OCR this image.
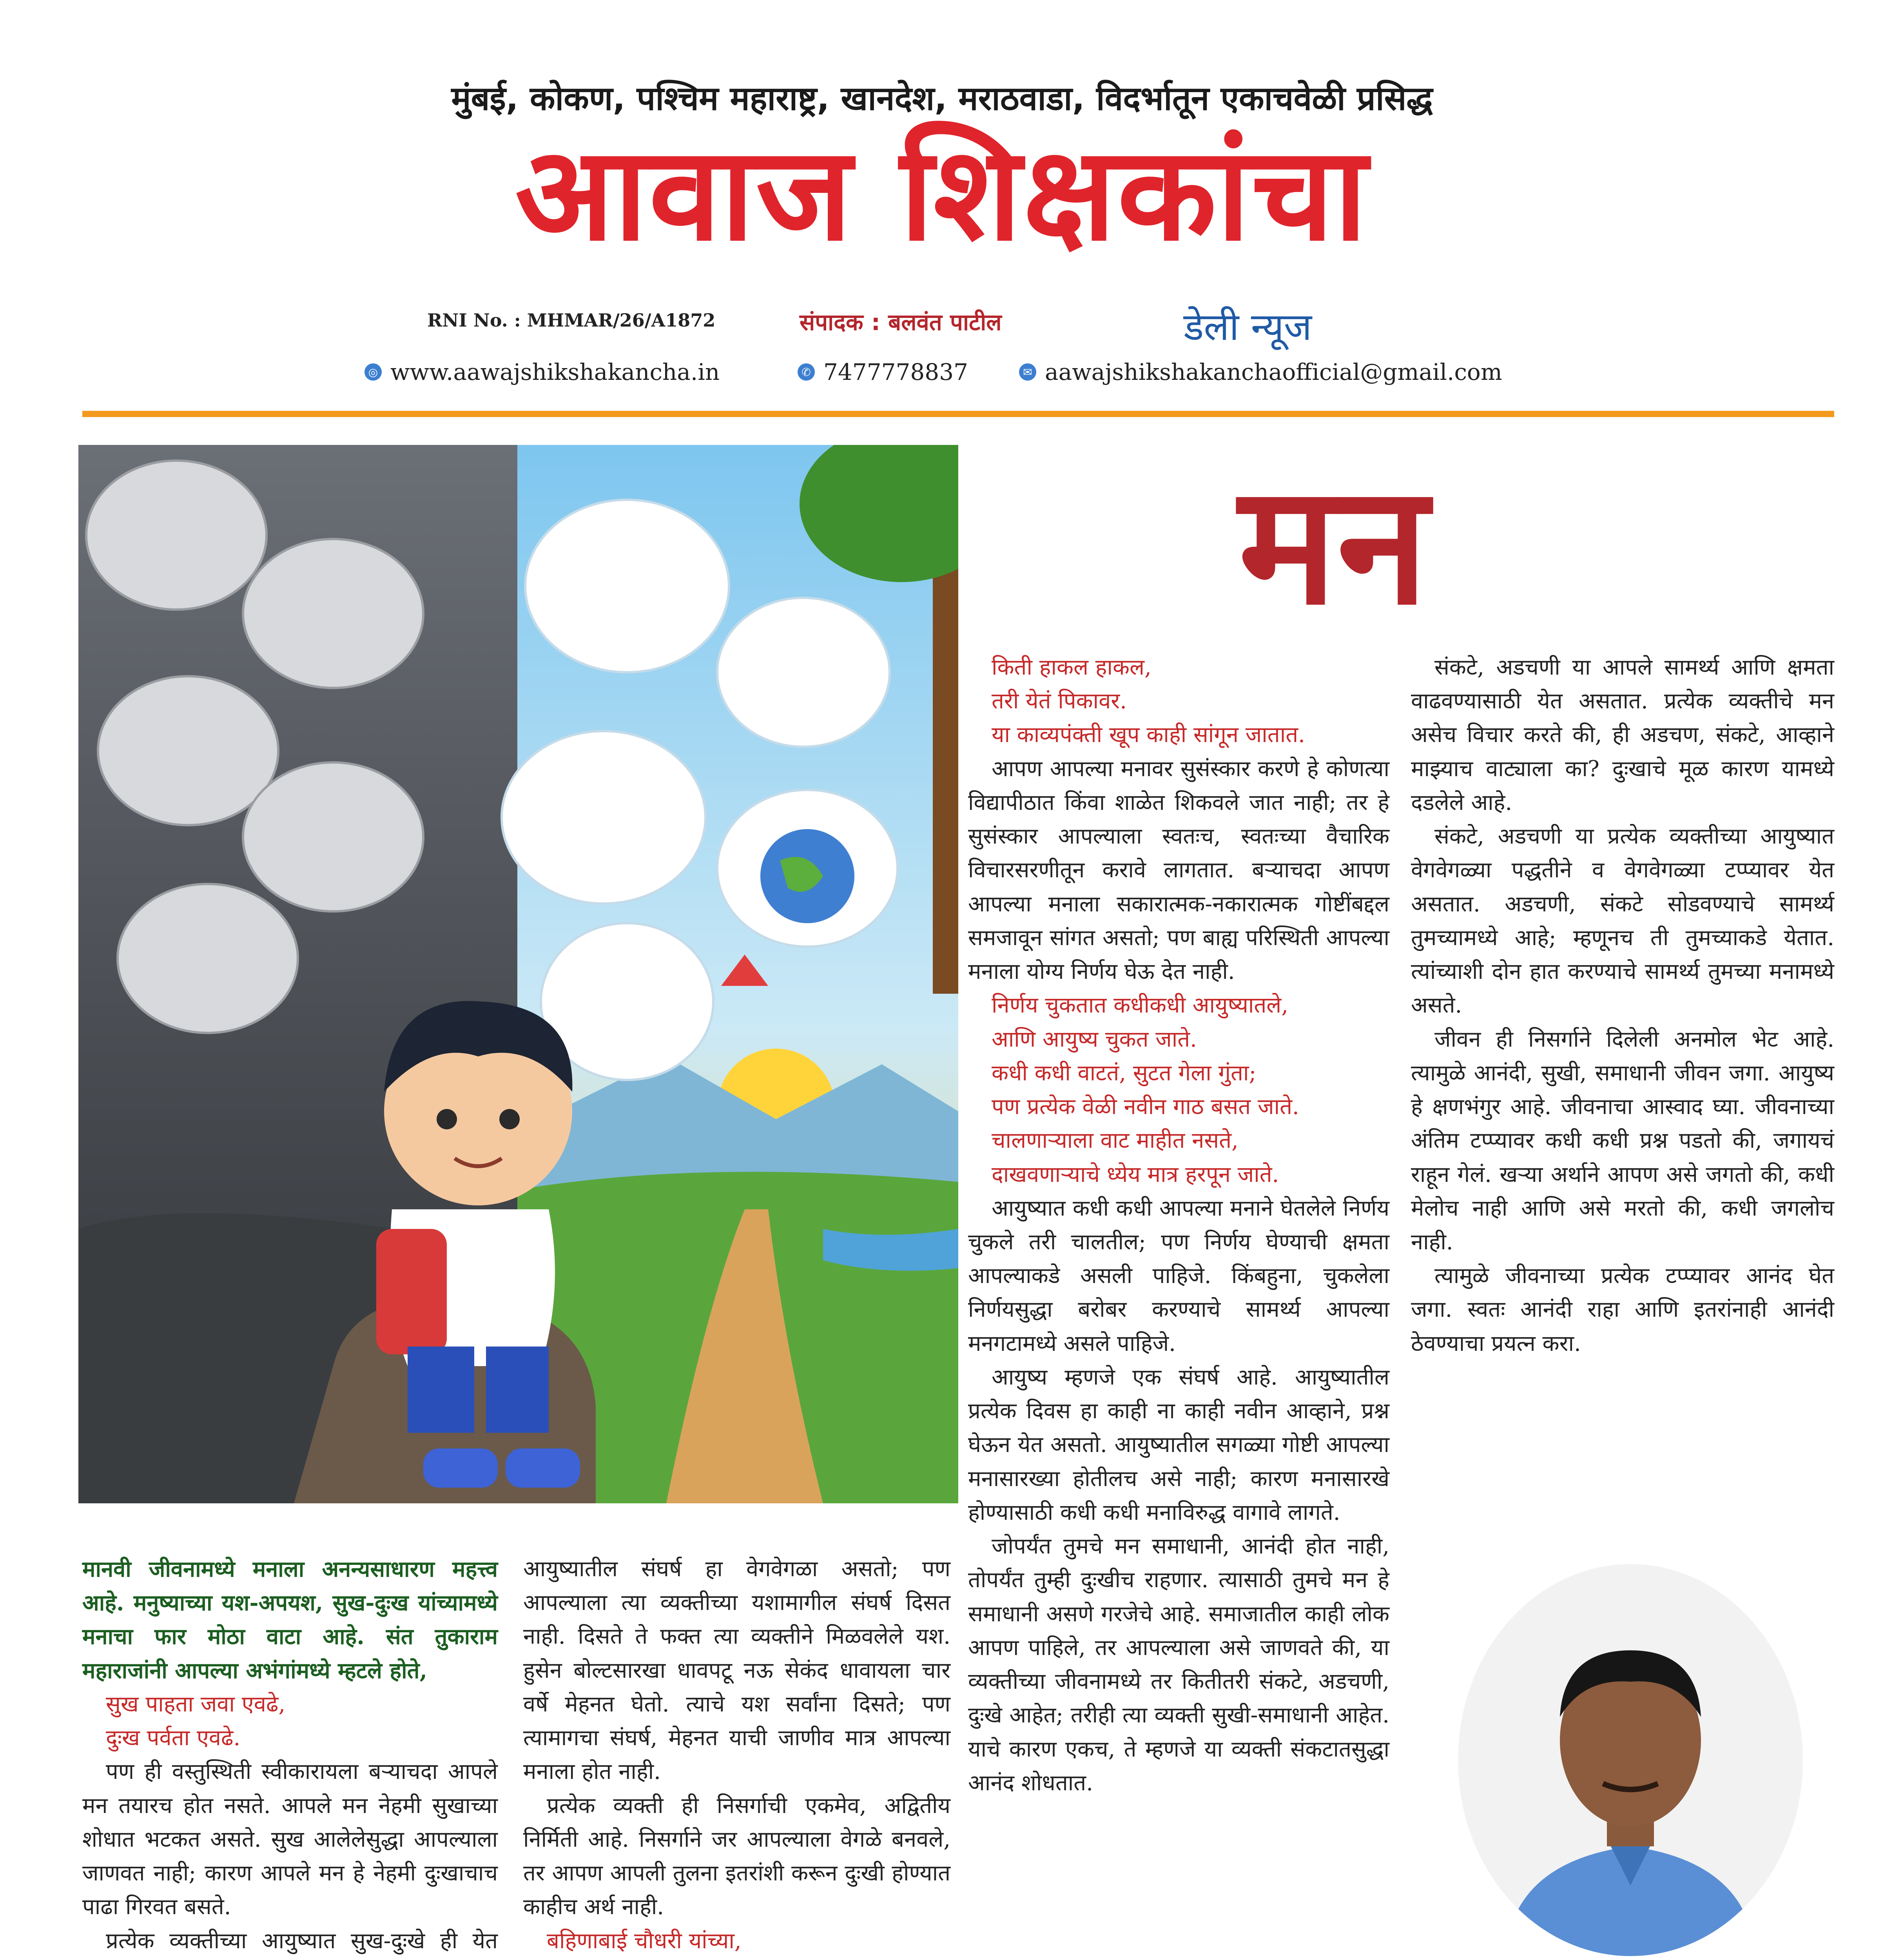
मुंबई, कोकण, पश्चिम महाराष्ट्र, खानदेश, मराठवाडा, विदर्भातून एकाचवेळी प्रसिद्ध
आवाज शिक्षकांचा
RNI No. : MHMAR/26/A1872	संपादक : बलवंत पाटील	डेली न्यूज
◎ www.aawajshikshakancha.in	✆ 7477778837	✉ aawajshikshakanchaofficial@gmail.com
मन

मानवी जीवनामध्ये मनाला अनन्यसाधारण महत्त्व आहे. मनुष्याच्या यश-अपयश, सुख-दुःख यांच्यामध्ये मनाचा फार मोठा वाटा आहे. संत तुकाराम महाराजांनी आपल्या अभंगांमध्ये म्हटले होते,

सुख पाहता जवा एवढे,

दुःख पर्वता एवढे.

पण ही वस्तुस्थिती स्वीकारायला बऱ्याचदा आपले मन तयारच होत नसते. आपले मन नेहमी सुखाच्या शोधात भटकत असते. सुख आलेलेसुद्धा आपल्याला जाणवत नाही; कारण आपले मन हे नेहमी दुःखाचाच पाढा गिरवत बसते.

प्रत्येक व्यक्तीच्या आयुष्यात सुख-दुःखे ही येत

आयुष्यातील संघर्ष हा वेगवेगळा असतो; पण आपल्याला त्या व्यक्तीच्या यशामागील संघर्ष दिसत नाही. दिसते ते फक्त त्या व्यक्तीने मिळवलेले यश. हुसेन बोल्टसारखा धावपटू नऊ सेकंद धावायला चार वर्षे मेहनत घेतो. त्याचे यश सर्वांना दिसते; पण त्यामागचा संघर्ष, मेहनत याची जाणीव मात्र आपल्या मनाला होत नाही.

प्रत्येक व्यक्ती ही निसर्गाची एकमेव, अद्वितीय निर्मिती आहे. निसर्गाने जर आपल्याला वेगळे बनवले, तर आपण आपली तुलना इतरांशी करून दुःखी होण्यात काहीच अर्थ नाही.

बहिणाबाई चौधरी यांच्या,

किती हाकल हाकल,

तरी येतं पिकावर.

या काव्यपंक्ती खूप काही सांगून जातात.

आपण आपल्या मनावर सुसंस्कार करणे हे कोणत्या विद्यापीठात किंवा शाळेत शिकवले जात नाही; तर हे सुसंस्कार आपल्याला स्वतःच, स्वतःच्या वैचारिक विचारसरणीतून करावे लागतात. बऱ्याचदा आपण आपल्या मनाला सकारात्मक-नकारात्मक गोष्टींबद्दल समजावून सांगत असतो; पण बाह्य परिस्थिती आपल्या मनाला योग्य निर्णय घेऊ देत नाही.

निर्णय चुकतात कधीकधी आयुष्यातले,

आणि आयुष्य चुकत जाते.

कधी कधी वाटतं, सुटत गेला गुंता;

पण प्रत्येक वेळी नवीन गाठ बसत जाते.

चालणाऱ्याला वाट माहीत नसते,

दाखवणाऱ्याचे ध्येय मात्र हरपून जाते.

आयुष्यात कधी कधी आपल्या मनाने घेतलेले निर्णय चुकले तरी चालतील; पण निर्णय घेण्याची क्षमता आपल्याकडे असली पाहिजे. किंबहुना, चुकलेला निर्णयसुद्धा बरोबर करण्याचे सामर्थ्य आपल्या मनगटामध्ये असले पाहिजे.

आयुष्य म्हणजे एक संघर्ष आहे. आयुष्यातील प्रत्येक दिवस हा काही ना काही नवीन आव्हाने, प्रश्न घेऊन येत असतो. आयुष्यातील सगळ्या गोष्टी आपल्या मनासारख्या होतीलच असे नाही; कारण मनासारखे होण्यासाठी कधी कधी मनाविरुद्ध वागावे लागते.

जोपर्यंत तुमचे मन समाधानी, आनंदी होत नाही, तोपर्यंत तुम्ही दुःखीच राहणार. त्यासाठी तुमचे मन हे समाधानी असणे गरजेचे आहे. समाजातील काही लोक आपण पाहिले, तर आपल्याला असे जाणवते की, या व्यक्तीच्या जीवनामध्ये तर कितीतरी संकटे, अडचणी, दुःखे आहेत; तरीही त्या व्यक्ती सुखी-समाधानी आहेत. याचे कारण एकच, ते म्हणजे या व्यक्ती संकटातसुद्धा आनंद शोधतात.

संकटे, अडचणी या आपले सामर्थ्य आणि क्षमता वाढवण्यासाठी येत असतात. प्रत्येक व्यक्तीचे मन असेच विचार करते की, ही अडचण, संकटे, आव्हाने माझ्याच वाट्याला का? दुःखाचे मूळ कारण यामध्ये दडलेले आहे.

संकटे, अडचणी या प्रत्येक व्यक्तीच्या आयुष्यात वेगवेगळ्या पद्धतीने व वेगवेगळ्या टप्प्यावर येत असतात. अडचणी, संकटे सोडवण्याचे सामर्थ्य तुमच्यामध्ये आहे; म्हणूनच ती तुमच्याकडे येतात. त्यांच्याशी दोन हात करण्याचे सामर्थ्य तुमच्या मनामध्ये असते.

जीवन ही निसर्गाने दिलेली अनमोल भेट आहे. त्यामुळे आनंदी, सुखी, समाधानी जीवन जगा. आयुष्य हे क्षणभंगुर आहे. जीवनाचा आस्वाद घ्या. जीवनाच्या अंतिम टप्प्यावर कधी कधी प्रश्न पडतो की, जगायचं राहून गेलं. खऱ्या अर्थाने आपण असे जगतो की, कधी मेलोच नाही आणि असे मरतो की, कधी जगलोच नाही.

त्यामुळे जीवनाच्या प्रत्येक टप्प्यावर आनंद घेत जगा. स्वतः आनंदी राहा आणि इतरांनाही आनंदी ठेवण्याचा प्रयत्न करा.
